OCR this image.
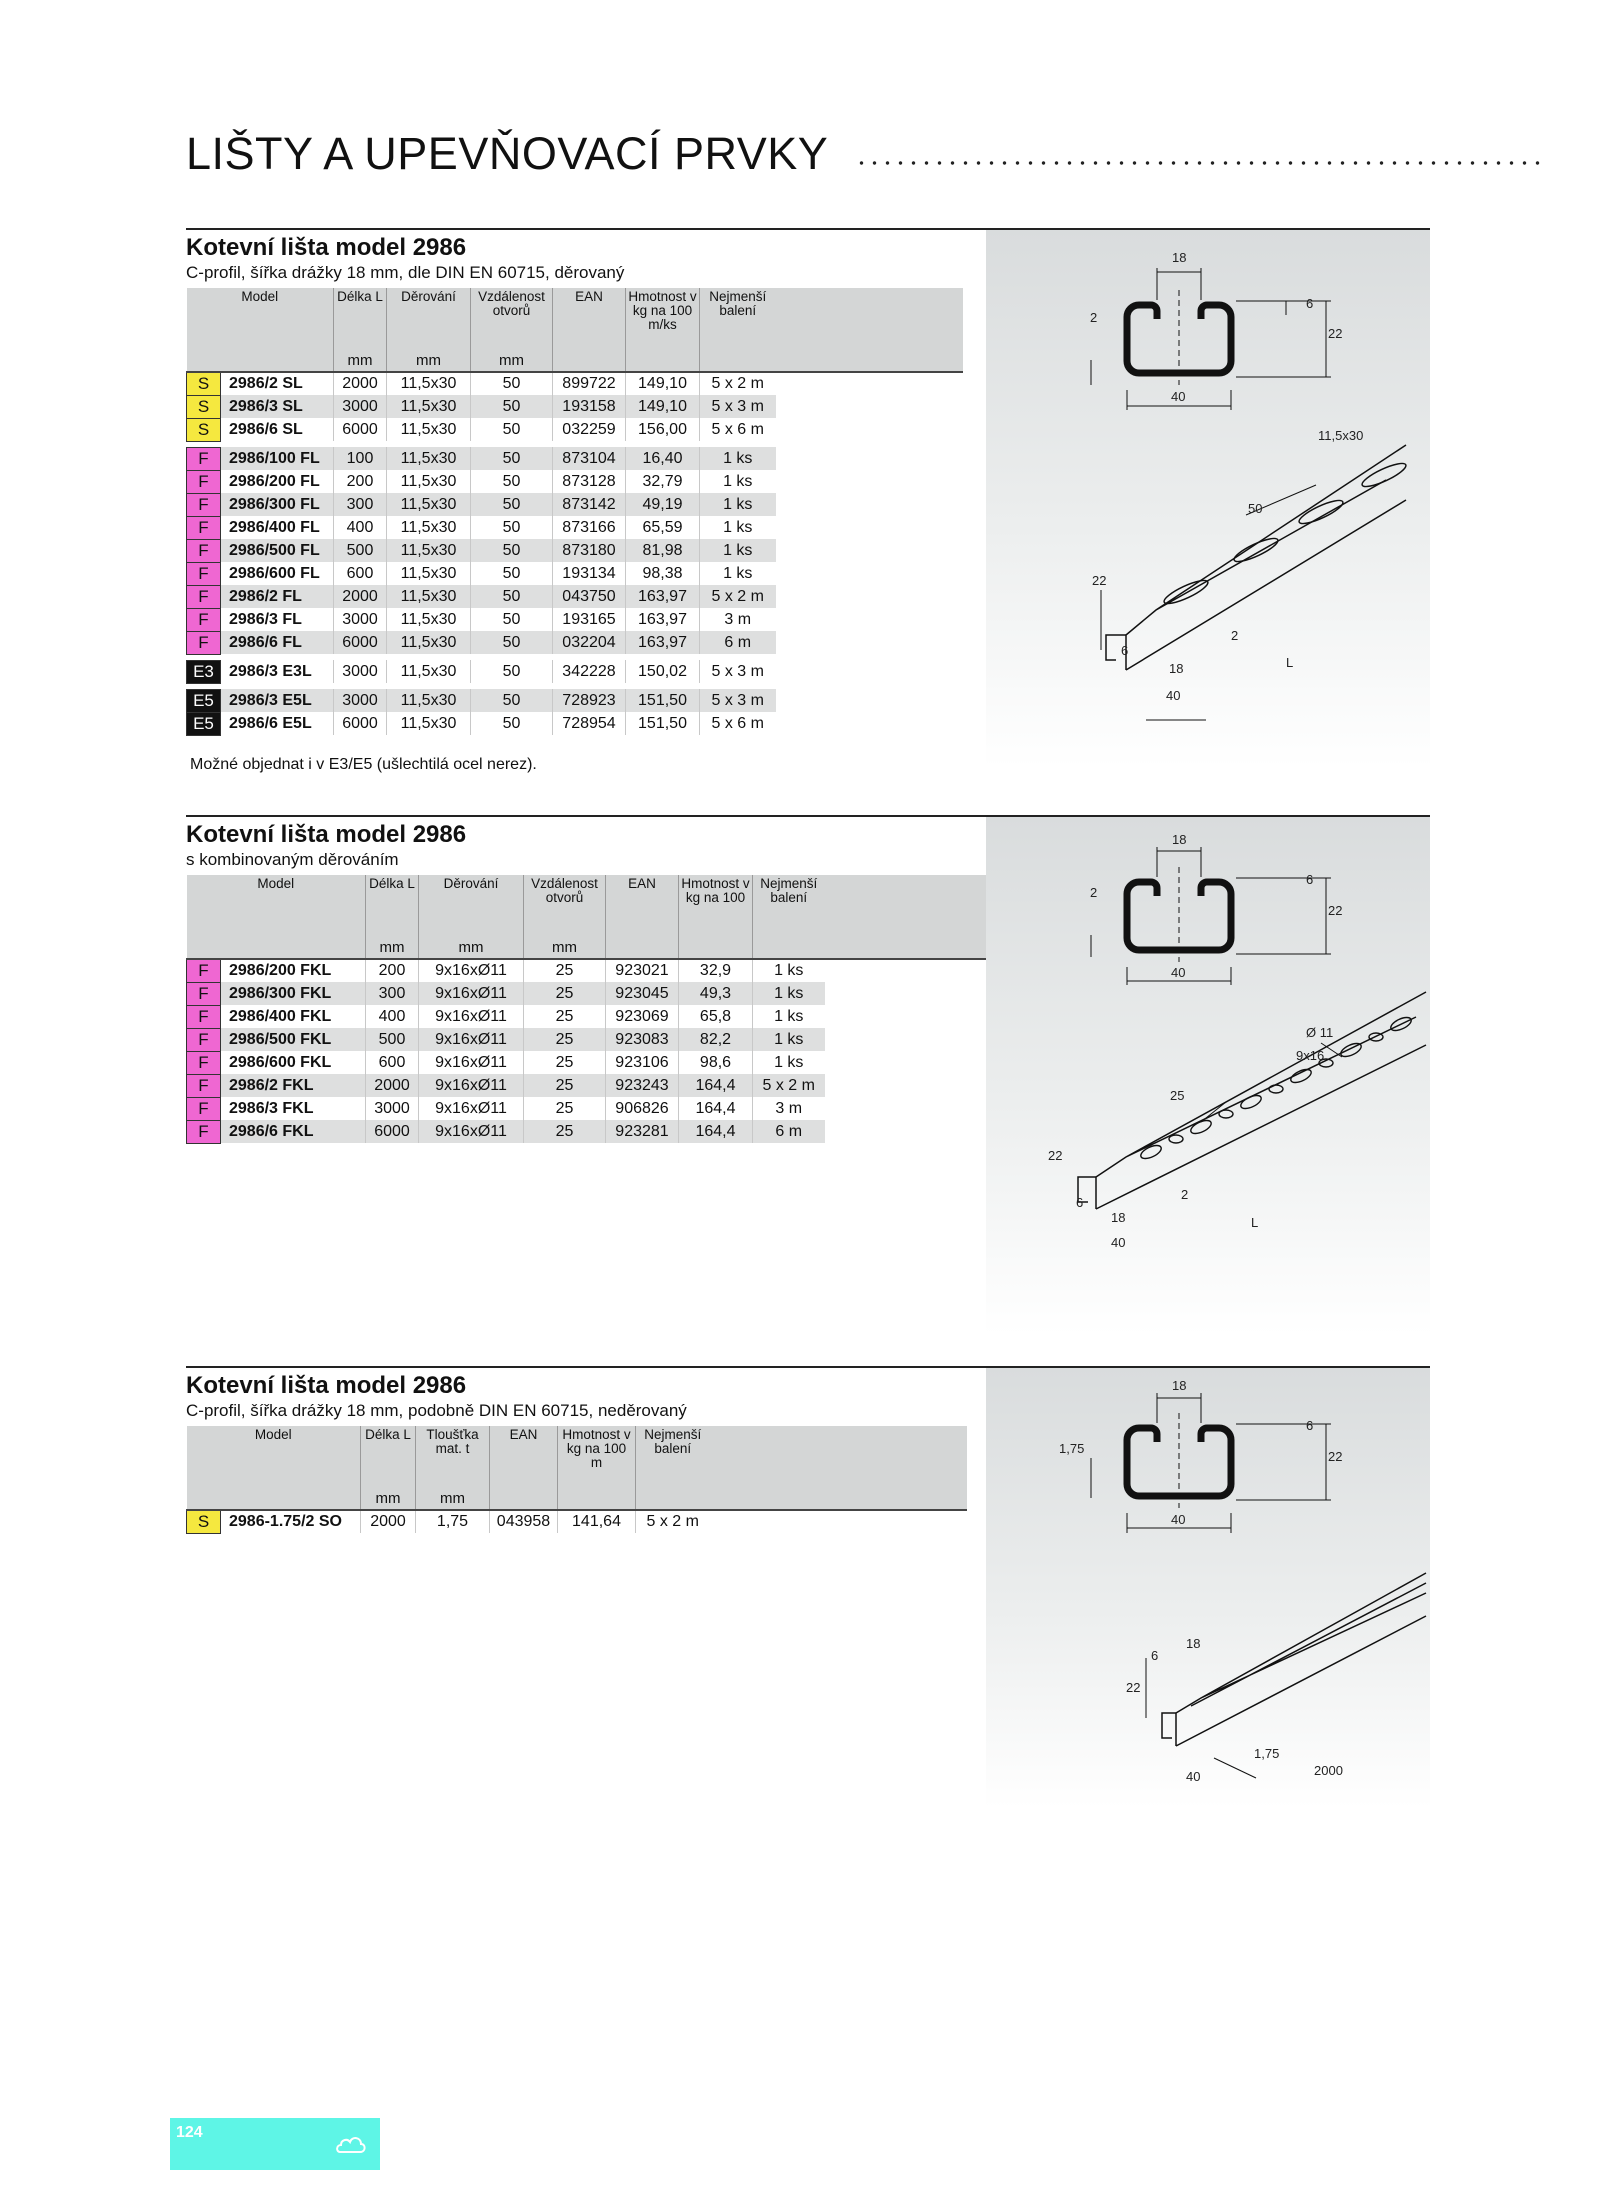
LIŠTY A UPEVŇOVACÍ PRVKY
Kotevní lišta model 2986
C-profil, šířka drážky 18 mm, dle DIN EN 60715, děrovaný
Model		Délka L	Děrování	Vzdálenost otvorů	EAN	Hmotnost v kg na 100 m/ks	Nejmenší balení	
		mm	mm	mm				
S	2986/2 SL	2000	11,5x30	50	899722	149,10	5 x 2 m	
S	2986/3 SL	3000	11,5x30	50	193158	149,10	5 x 3 m	
S	2986/6 SL	6000	11,5x30	50	032259	156,00	5 x 6 m	

F	2986/100 FL	100	11,5x30	50	873104	16,40	1 ks	
F	2986/200 FL	200	11,5x30	50	873128	32,79	1 ks	
F	2986/300 FL	300	11,5x30	50	873142	49,19	1 ks	
F	2986/400 FL	400	11,5x30	50	873166	65,59	1 ks	
F	2986/500 FL	500	11,5x30	50	873180	81,98	1 ks	
F	2986/600 FL	600	11,5x30	50	193134	98,38	1 ks	
F	2986/2 FL	2000	11,5x30	50	043750	163,97	5 x 2 m	
F	2986/3 FL	3000	11,5x30	50	193165	163,97	3 m	
F	2986/6 FL	6000	11,5x30	50	032204	163,97	6 m	

E3	2986/3 E3L	3000	11,5x30	50	342228	150,02	5 x 3 m	

E5	2986/3 E5L	3000	11,5x30	50	728923	151,50	5 x 3 m	
E5	2986/6 E5L	6000	11,5x30	50	728954	151,50	5 x 6 m	
Možné objednat i v E3/E5 (ušlechtilá ocel nerez).
18
2
6
22
40
11,5x30
50
22
6
18
2
40
L
Kotevní lišta model 2986
s kombinovaným děrováním
Model		Délka L	Děrování	Vzdálenost otvorů	EAN	Hmotnost v kg na 100	Nejmenší balení	
		mm	mm	mm				
F	2986/200 FKL	200	9x16xØ11	25	923021	32,9	1 ks	
F	2986/300 FKL	300	9x16xØ11	25	923045	49,3	1 ks	
F	2986/400 FKL	400	9x16xØ11	25	923069	65,8	1 ks	
F	2986/500 FKL	500	9x16xØ11	25	923083	82,2	1 ks	
F	2986/600 FKL	600	9x16xØ11	25	923106	98,6	1 ks	
F	2986/2 FKL	2000	9x16xØ11	25	923243	164,4	5 x 2 m	
F	2986/3 FKL	3000	9x16xØ11	25	906826	164,4	3 m	
F	2986/6 FKL	6000	9x16xØ11	25	923281	164,4	6 m	
18
2
6
22
40
Ø 11
9x16
25
22
6
18
2
40
L
Kotevní lišta model 2986
C-profil, šířka drážky 18 mm, podobně DIN EN 60715, neděrovaný
Model		Délka L	Tloušťka mat. t	EAN	Hmotnost v kg na 100 m	Nejmenší balení	
		mm	mm				
S	2986-1.75/2 SO	2000	1,75	043958	141,64	5 x 2 m	
18
1,75
6
22
40
6
18
22
1,75
40	2000
124
